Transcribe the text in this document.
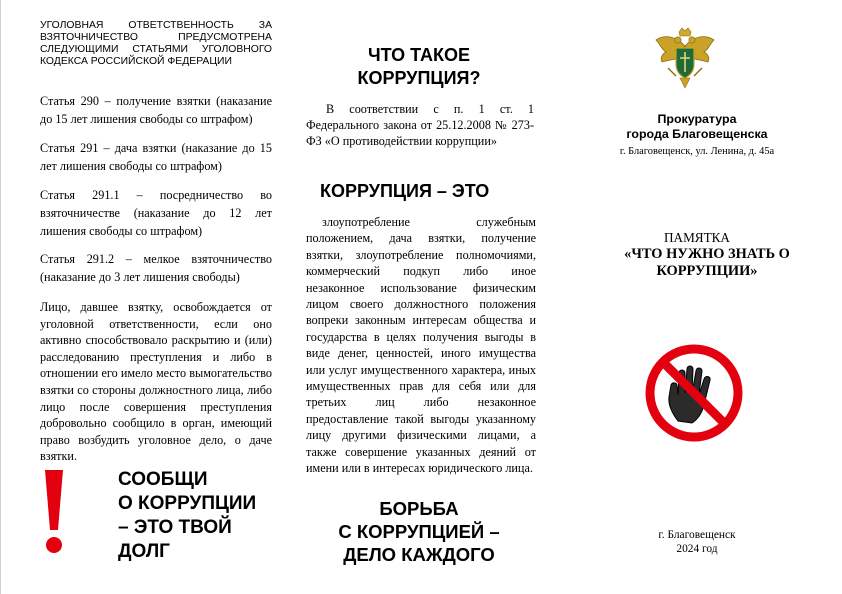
УГОЛОВНАЯ ОТВЕТСТВЕННОСТЬ ЗА ВЗЯТОЧНИЧЕСТВО ПРЕДУСМОТРЕНА СЛЕДУЮЩИМИ СТАТЬЯМИ УГОЛОВНОГО КОДЕКСА РОССИЙСКОЙ ФЕДЕРАЦИИ
Статья 290 – получение взятки (наказание до 15 лет лишения свободы со штрафом)
Статья 291 – дача взятки (наказание до 15 лет лишения свободы со штрафом)
Статья 291.1 – посредничество во взяточничестве (наказание до 12 лет лишения свободы со штрафом)
Статья 291.2 – мелкое взяточничество (наказание до 3 лет лишения свободы)
Лицо, давшее взятку, освобождается от уголовной ответственности, если оно активно способствовало раскрытию и (или) расследованию преступления и либо в отношении его имело место вымогательство взятки со стороны должностного лица, либо лицо после совершения преступления добровольно сообщило в орган, имеющий право возбудить уголовное дело, о даче взятки.
СООБЩИ
О КОРРУПЦИИ
– ЭТО ТВОЙ
ДОЛГ
ЧТО ТАКОЕ
КОРРУПЦИЯ?
В соответствии с п. 1 ст. 1 Федерального закона от 25.12.2008 № 273-ФЗ «О противодействии коррупции»
КОРРУПЦИЯ – ЭТО
злоупотребление служебным положением, дача взятки, получение взятки, злоупотребление полномочиями, коммерческий подкуп либо иное незаконное использование физическим лицом своего должностного положения вопреки законным интересам общества и государства в целях получения выгоды в виде денег, ценностей, иного имущества или услуг имущественного характера, иных имущественных прав для себя или для третьих лиц либо незаконное предоставление такой выгоды указанному лицу другими физическими лицами, а также совершение указанных деяний от имени или в интересах юридического лица.
БОРЬБА
С КОРРУПЦИЕЙ –
ДЕЛО КАЖДОГО
Прокуратура
города Благовещенска
г. Благовещенск, ул. Ленина, д. 45а
ПАМЯТКА
«ЧТО НУЖНО ЗНАТЬ О КОРРУПЦИИ»
г. Благовещенск
2024 год
